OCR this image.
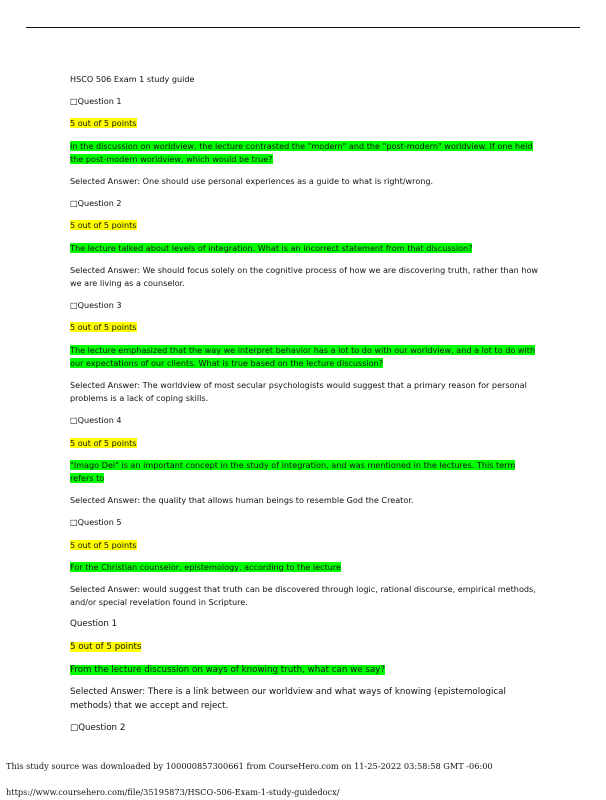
HSCO 506 Exam 1 study guide

□Question 1

5 out of 5 points

In the discussion on worldview, the lecture contrasted the "modern" and the "post-modern" worldview. If one held the post-modern worldview, which would be true?

Selected Answer: One should use personal experiences as a guide to what is right/wrong.

□Question 2

5 out of 5 points

The lecture talked about levels of integration. What is an incorrect statement from that discussion?

Selected Answer: We should focus solely on the cognitive process of how we are discovering truth, rather than how we are living as a counselor.

□Question 3

5 out of 5 points

The lecture emphasized that the way we interpret behavior has a lot to do with our worldview, and a lot to do with our expectations of our clients. What is true based on the lecture discussion?

Selected Answer: The worldview of most secular psychologists would suggest that a primary reason for personal problems is a lack of coping skills.

□Question 4

5 out of 5 points

"Imago Dei" is an important concept in the study of integration, and was mentioned in the lectures. This term refers to

Selected Answer: the quality that allows human beings to resemble God the Creator.

□Question 5

5 out of 5 points

For the Christian counselor, epistemology, according to the lecture

Selected Answer: would suggest that truth can be discovered through logic, rational discourse, empirical methods, and/or special revelation found in Scripture.

Question 1

5 out of 5 points

From the lecture discussion on ways of knowing truth, what can we say?

Selected Answer: There is a link between our worldview and what ways of knowing (epistemological methods) that we accept and reject.

□Question 2

This study source was downloaded by 100000857300661 from CourseHero.com on 11-25-2022 03:58:58 GMT -06:00
https://www.coursehero.com/file/35195873/HSCO-506-Exam-1-study-guidedocx/
